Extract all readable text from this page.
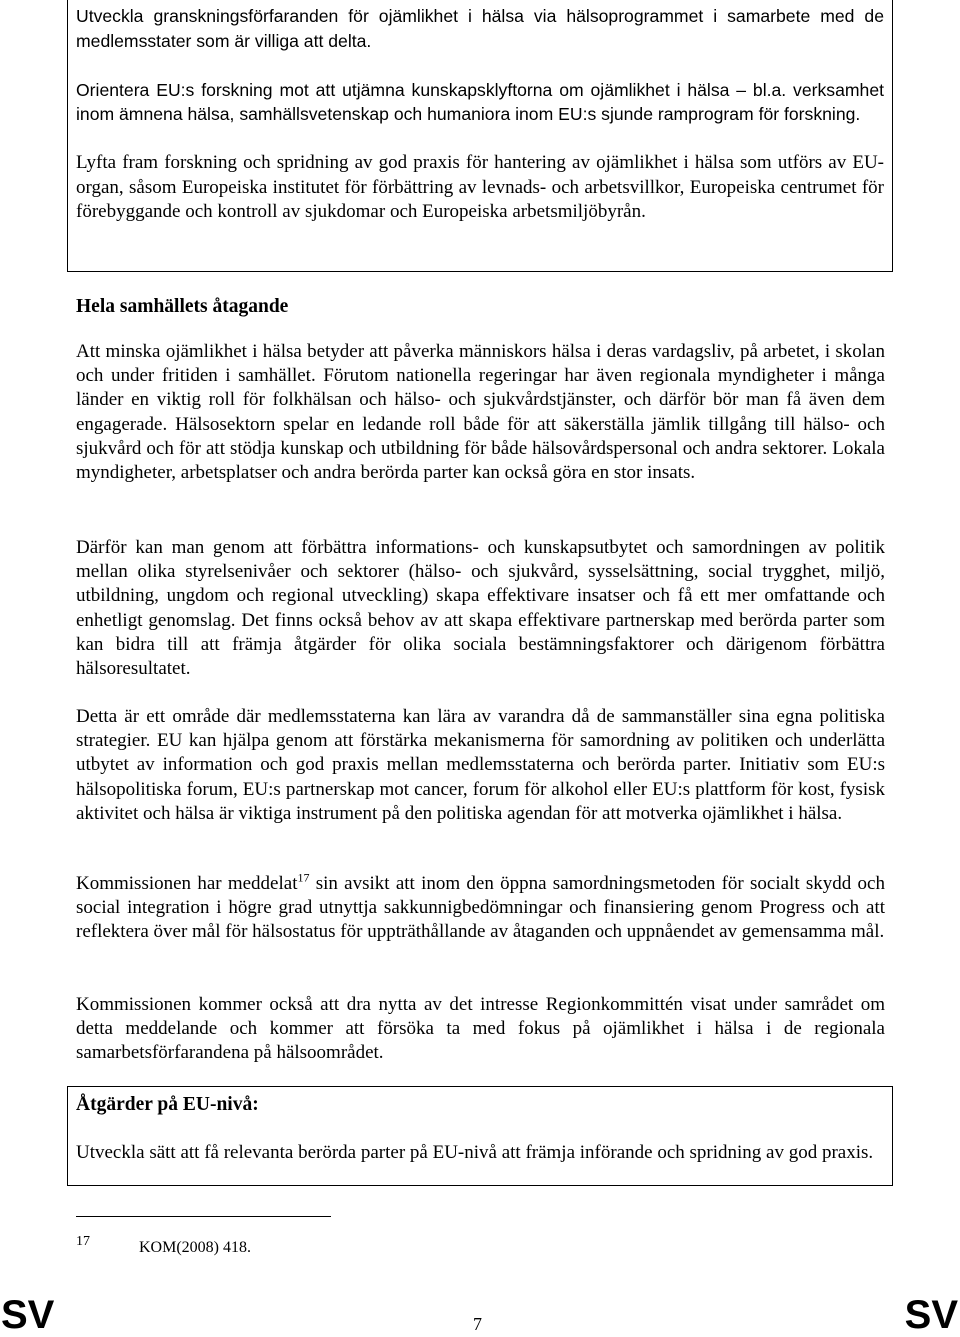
Utveckla granskningsförfaranden för ojämlikhet i hälsa via hälsoprogrammet i samarbete med de medlemsstater som är villiga att delta.

Orientera EU:s forskning mot att utjämna kunskapsklyftorna om ojämlikhet i hälsa – bl.a. verksamhet inom ämnena hälsa, samhällsvetenskap och humaniora inom EU:s sjunde ramprogram för forskning.

Lyfta fram forskning och spridning av god praxis för hantering av ojämlikhet i hälsa som utförs av EU-organ, såsom Europeiska institutet för förbättring av levnads- och arbetsvillkor, Europeiska centrumet för förebyggande och kontroll av sjukdomar och Europeiska arbetsmiljöbyrån.

Hela samhällets åtagande

Att minska ojämlikhet i hälsa betyder att påverka människors hälsa i deras vardagsliv, på arbetet, i skolan och under fritiden i samhället. Förutom nationella regeringar har även regionala myndigheter i många länder en viktig roll för folkhälsan och hälso- och sjukvårdstjänster, och därför bör man få även dem engagerade. Hälsosektorn spelar en ledande roll både för att säkerställa jämlik tillgång till hälso- och sjukvård och för att stödja kunskap och utbildning för både hälsovårdspersonal och andra sektorer. Lokala myndigheter, arbetsplatser och andra berörda parter kan också göra en stor insats.

Därför kan man genom att förbättra informations- och kunskapsutbytet och samordningen av politik mellan olika styrelsenivåer och sektorer (hälso- och sjukvård, sysselsättning, social trygghet, miljö, utbildning, ungdom och regional utveckling) skapa effektivare insatser och få ett mer omfattande och enhetligt genomslag. Det finns också behov av att skapa effektivare partnerskap med berörda parter som kan bidra till att främja åtgärder för olika sociala bestämningsfaktorer och därigenom förbättra hälsoresultatet.

Detta är ett område där medlemsstaterna kan lära av varandra då de sammanställer sina egna politiska strategier. EU kan hjälpa genom att förstärka mekanismerna för samordning av politiken och underlätta utbytet av information och god praxis mellan medlemsstaterna och berörda parter. Initiativ som EU:s hälsopolitiska forum, EU:s partnerskap mot cancer, forum för alkohol eller EU:s plattform för kost, fysisk aktivitet och hälsa är viktiga instrument på den politiska agendan för att motverka ojämlikhet i hälsa.

Kommissionen har meddelat$^{17}$ sin avsikt att inom den öppna samordningsmetoden för socialt skydd och social integration i högre grad utnyttja sakkunnigbedömningar och finansiering genom Progress och att reflektera över mål för hälsostatus för uppträthållande av åtaganden och uppnåendet av gemensamma mål.

Kommissionen kommer också att dra nytta av det intresse Regionkommittén visat under samrådet om detta meddelande och kommer att försöka ta med fokus på ojämlikhet i hälsa i de regionala samarbetsförfarandena på hälsoområdet.

Åtgärder på EU-nivå:

Utveckla sätt att få relevanta berörda parter på EU-nivå att främja införande och spridning av god praxis.

17	KOM(2008) 418.
SV	7	SV
